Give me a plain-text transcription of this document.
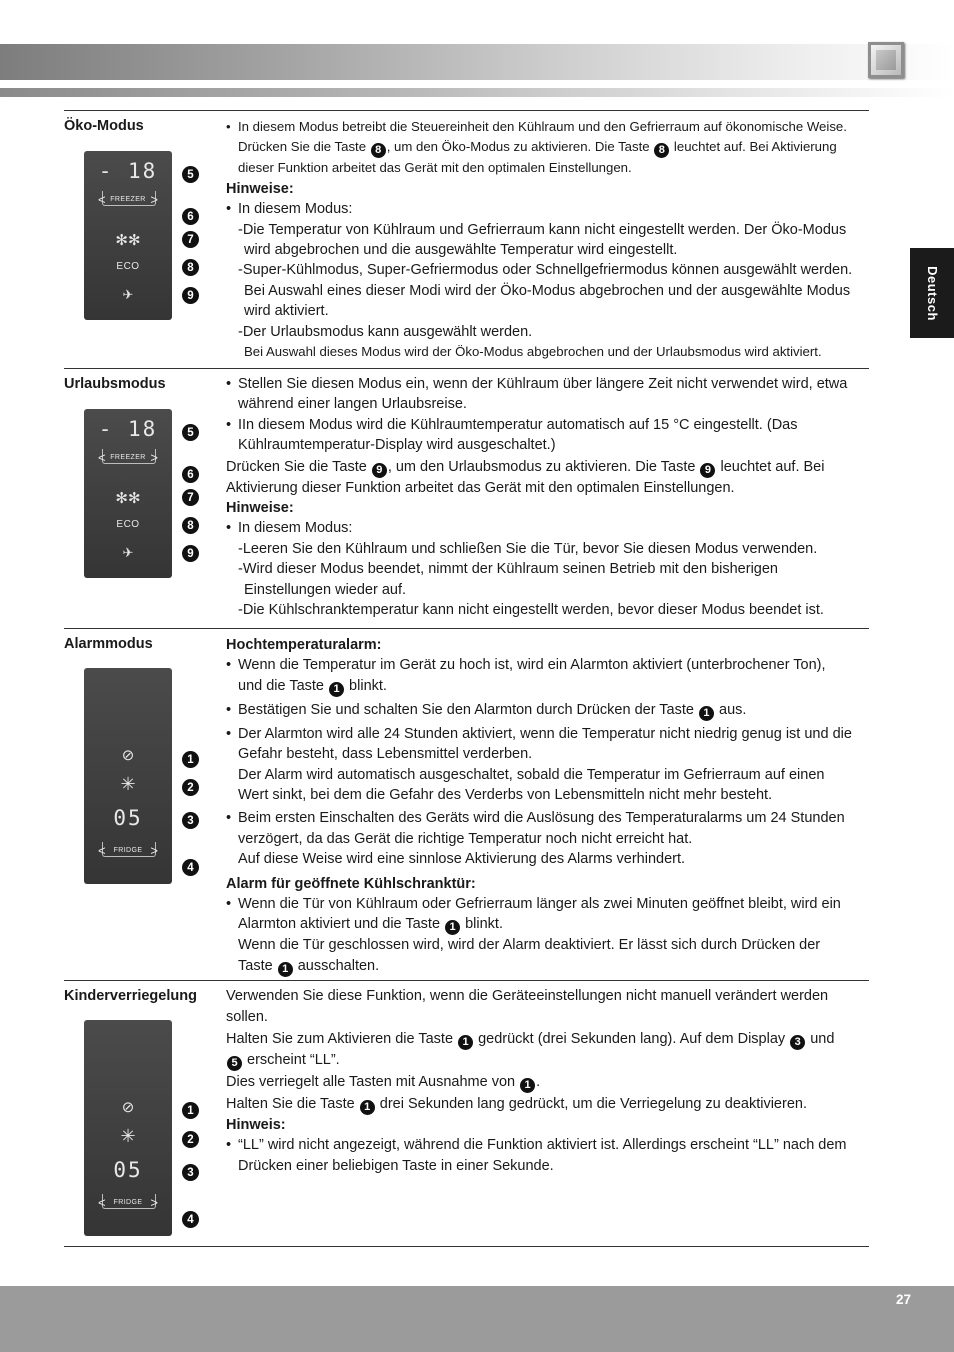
Deutsch
Öko-Modus
- 18
< FREEZER >
✻✻
ECO
✈
5
6
7
8
9

• In diesem Modus betreibt die Steuereinheit den Kühlraum und den Gefrierraum auf ökonomische Weise.

Drücken Sie die Taste 8 , um den Öko-Modus zu aktivieren. Die Taste 8 leuchtet auf. Bei Aktivierung

dieser Funktion arbeitet das Gerät mit den optimalen Einstellungen.

Hinweise:

• In diesem Modus:

-Die Temperatur von Kühlraum und Gefrierraum kann nicht eingestellt werden. Der Öko-Modus

wird abgebrochen und die ausgewählte Temperatur wird eingestellt.

-Super-Kühlmodus, Super-Gefriermodus oder Schnellgefriermodus können ausgewählt werden.

Bei Auswahl eines dieser Modi wird der Öko-Modus abgebrochen und der ausgewählte Modus

wird aktiviert.

-Der Urlaubsmodus kann ausgewählt werden.

Bei Auswahl dieses Modus wird der Öko-Modus abgebrochen und der Urlaubsmodus wird aktiviert.

Urlaubsmodus
- 18
< FREEZER >
✻✻
ECO
✈
5
6
7
8
9

• Stellen Sie diesen Modus ein, wenn der Kühlraum über längere Zeit nicht verwendet wird, etwa

während einer langen Urlaubsreise.

• IIn diesem Modus wird die Kühlraumtemperatur automatisch auf 15 °C eingestellt. (Das

Kühlraumtemperatur-Display wird ausgeschaltet.)

Drücken Sie die Taste 9 , um den Urlaubsmodus zu aktivieren. Die Taste 9 leuchtet auf. Bei

Aktivierung dieser Funktion arbeitet das Gerät mit den optimalen Einstellungen.

Hinweise:

• In diesem Modus:

-Leeren Sie den Kühlraum und schließen Sie die Tür, bevor Sie diesen Modus verwenden.

-Wird dieser Modus beendet, nimmt der Kühlraum seinen Betrieb mit den bisherigen

Einstellungen wieder auf.

-Die Kühlschranktemperatur kann nicht eingestellt werden, bevor dieser Modus beendet ist.

Alarmmodus
⊘
✳
05
< FRIDGE >
1
2
3
4

Hochtemperaturalarm:

• Wenn die Temperatur im Gerät zu hoch ist, wird ein Alarmton aktiviert (unterbrochener Ton),

und die Taste 1 blinkt.

• Bestätigen Sie und schalten Sie den Alarmton durch Drücken der Taste 1 aus.

• Der Alarmton wird alle 24 Stunden aktiviert, wenn die Temperatur nicht niedrig genug ist und die

Gefahr besteht, dass Lebensmittel verderben.

Der Alarm wird automatisch ausgeschaltet, sobald die Temperatur im Gefrierraum auf einen

Wert sinkt, bei dem die Gefahr des Verderbs von Lebensmitteln nicht mehr besteht.

• Beim ersten Einschalten des Geräts wird die Auslösung des Temperaturalarms um 24 Stunden

verzögert, da das Gerät die richtige Temperatur noch nicht erreicht hat.

Auf diese Weise wird eine sinnlose Aktivierung des Alarms verhindert.

Alarm für geöffnete Kühlschranktür:

• Wenn die Tür von Kühlraum oder Gefrierraum länger als zwei Minuten geöffnet bleibt, wird ein

Alarmton aktiviert und die Taste 1 blinkt.

Wenn die Tür geschlossen wird, wird der Alarm deaktiviert. Er lässt sich durch Drücken der

Taste 1 ausschalten.

Kinderverriegelung
⊘
✳
05
< FRIDGE >
1
2
3
4

Verwenden Sie diese Funktion, wenn die Geräteeinstellungen nicht manuell verändert werden

sollen.

Halten Sie zum Aktivieren die Taste 1 gedrückt (drei Sekunden lang). Auf dem Display 3 und

5 erscheint “LL”.

Dies verriegelt alle Tasten mit Ausnahme von 1 .

Halten Sie die Taste 1 drei Sekunden lang gedrückt, um die Verriegelung zu deaktivieren.

Hinweis:

• “LL” wird nicht angezeigt, während die Funktion aktiviert ist. Allerdings erscheint “LL” nach dem

Drücken einer beliebigen Taste in einer Sekunde.

27
